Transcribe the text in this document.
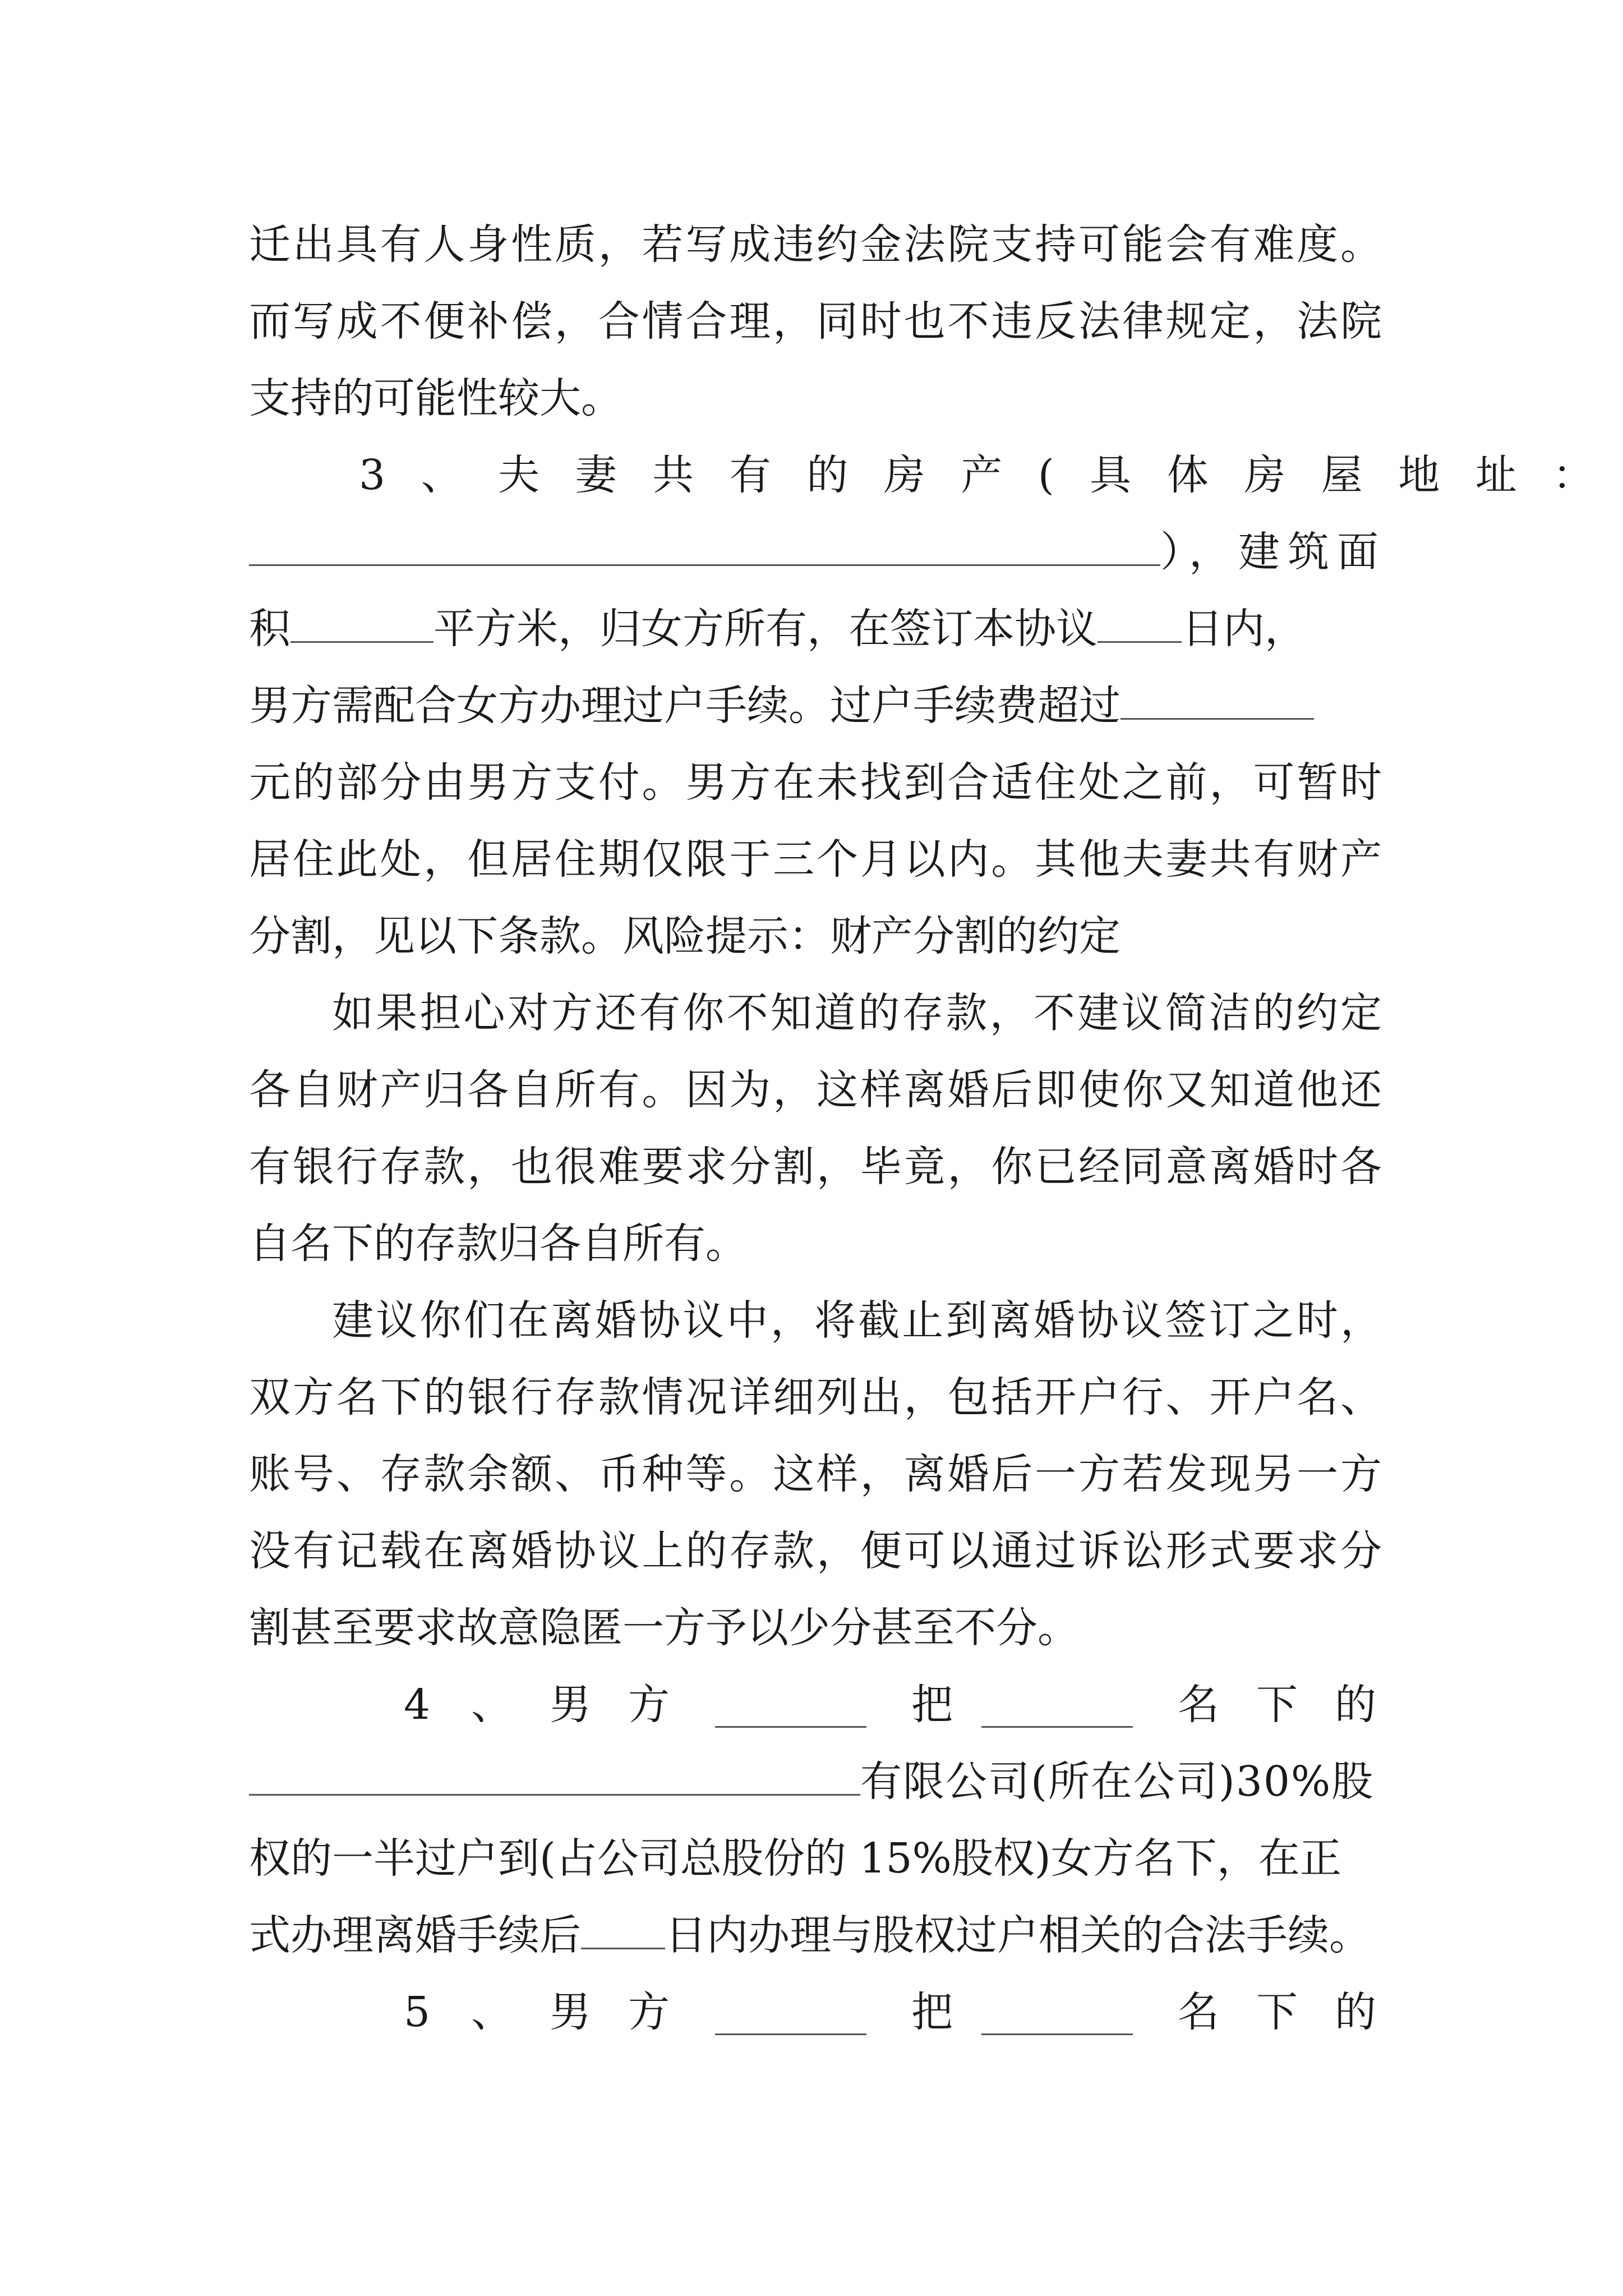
迁出具有人身性质，若写成违约金法院支持可能会有难度。
而写成不便补偿，合情合理，同时也不违反法律规定，法院
支持的可能性较大。
3 、 夫 妻 共 有 的 房 产 ( 具 体 房 屋 地 址 ：
），建筑面
积	平方米，归女方所有，在签订本协议 日内，
男方需配合女方办理过户手续。过户手续费超过
元的部分由男方支付。男方在未找到合适住处之前，可暂时
居住此处，但居住期仅限于三个月以内。其他夫妻共有财产
分割，见以下条款。风险提示：财产分割的约定
如果担心对方还有你不知道的存款，不建议简洁的约定
各自财产归各自所有。因为，这样离婚后即使你又知道他还
有银行存款，也很难要求分割，毕竟，你已经同意离婚时各
自名下的存款归各自所有。
建议你们在离婚协议中，将截止到离婚协议签订之时，
双方名下的银行存款情况详细列出，包括开户行、开户名、
账号、存款余额、币种等。这样，离婚后一方若发现另一方
没有记载在离婚协议上的存款，便可以通过诉讼形式要求分
割甚至要求故意隐匿一方予以少分甚至不分。
4 、 男 方	把	名 下 的
有限公司(所在公司)30%股
权的一半过户到(占公司总股份的 15%股权)女方名下，在正
式办理离婚手续后 日内办理与股权过户相关的合法手续。
5 、 男 方	把	名 下 的
